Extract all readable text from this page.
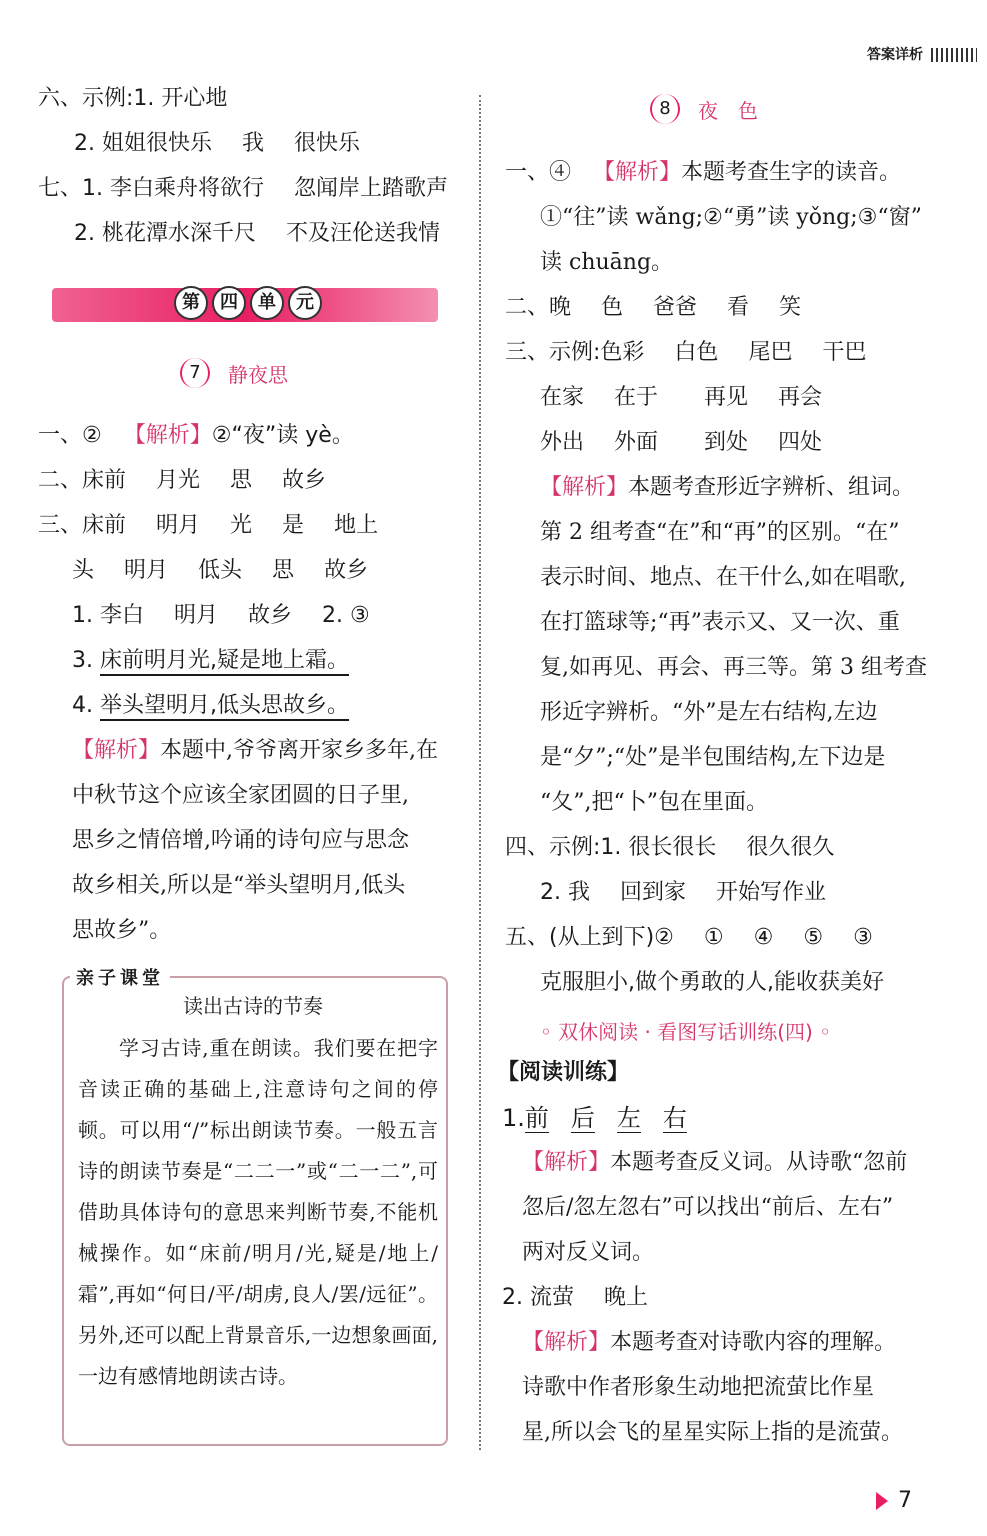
答案详析
六、示例:1. 开心地
2. 姐姐很快乐 我 很快乐
七、1. 李白乘舟将欲行 忽闻岸上踏歌声
2. 桃花潭水深千尺 不及汪伦送我情
第	四	单	元
7 静夜思
一、② 【解析】②“夜”读 yè。
二、床前 月光 思 故乡
三、床前 明月 光 是 地上
头 明月 低头 思 故乡
1. 李白 明月 故乡 2. ③
3. 床前明月光,疑是地上霜。
4. 举头望明月,低头思故乡。
【解析】本题中,爷爷离开家乡多年,在
中秋节这个应该全家团圆的日子里,
思乡之情倍增,吟诵的诗句应与思念
故乡相关,所以是“举头望明月,低头
思故乡”。
亲子课堂
读出古诗的节奏
学习古诗,重在朗读。我们要在把字音读正确的基础上,注意诗句之间的停顿。可以用“/”标出朗读节奏。一般五言诗的朗读节奏是“二二一”或“二一二”,可借助具体诗句的意思来判断节奏,不能机械操作。如“床前/明月/光,疑是/地上/霜”,再如“何日/平/胡虏,良人/罢/远征”。另外,还可以配上背景音乐,一边想象画面,一边有感情地朗读古诗。
8 夜　色
一、④ 【解析】本题考查生字的读音。
①“往”读 wǎng;②“勇”读 yǒng;③“窗”
读 chuāng。
二、晚 色 爸爸 看 笑
三、示例:色彩 白色 尾巴 干巴
在家 在于 再见 再会
外出 外面 到处 四处
【解析】本题考查形近字辨析、组词。
第 2 组考查“在”和“再”的区别。“在”
表示时间、地点、在干什么,如在唱歌,
在打篮球等;“再”表示又、又一次、重
复,如再见、再会、再三等。第 3 组考查
形近字辨析。“外”是左右结构,左边
是“夕”;“处”是半包围结构,左下边是
“夂”,把“卜”包在里面。
四、示例:1. 很长很长 很久很久
2. 我 回到家 开始写作业
五、(从上到下)② ① ④ ⑤ ③
克服胆小,做个勇敢的人,能收获美好
◦ 双休阅读 · 看图写话训练(四) ◦
【阅读训练】
1.前 后 左 右
【解析】本题考查反义词。从诗歌“忽前
忽后/忽左忽右”可以找出“前后、左右”
两对反义词。
2. 流萤 晚上
【解析】本题考查对诗歌内容的理解。
诗歌中作者形象生动地把流萤比作星
星,所以会飞的星星实际上指的是流萤。
7
